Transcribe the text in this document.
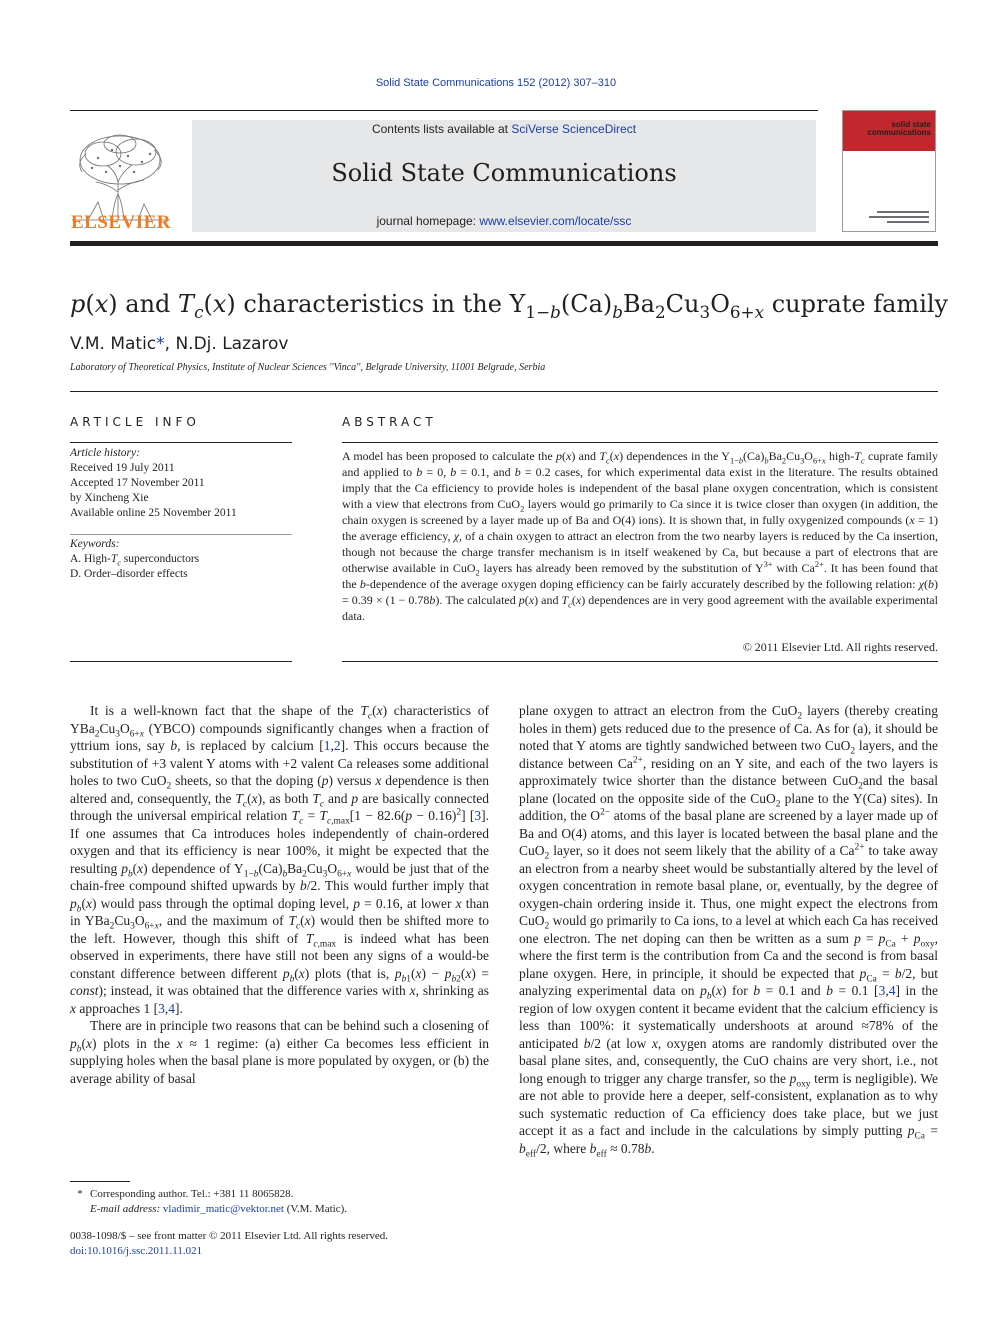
Solid State Communications 152 (2012) 307–310
ELSEVIER
Contents lists available at SciVerse ScienceDirect
Solid State Communications
journal homepage: www.elsevier.com/locate/ssc
solid state communications
p(x) and $T_c(x)$ characteristics in the $Y_{1-b}(Ca)_bBa_2Cu_3O_{6+x}$ cuprate family
V.M. Matic*, N.Dj. Lazarov
Laboratory of Theoretical Physics, Institute of Nuclear Sciences ''Vinca'', Belgrade University, 11001 Belgrade, Serbia
ARTICLE INFO	ABSTRACT
Article history:
Received 19 July 2011
Accepted 17 November 2011
by Xincheng Xie
Available online 25 November 2011
Keywords:
A. High-$T_c$ superconductors
D. Order–disorder effects
A model has been proposed to calculate the p(x) and $T_c(x)$ dependences in the $Y_{1-b}(Ca)_bBa_2Cu_3O_{6+x}$ high-$T_c$ cuprate family and applied to b = 0, b = 0.1, and b = 0.2 cases, for which experimental data exist in the literature. The results obtained imply that the Ca efficiency to provide holes is independent of the basal plane oxygen concentration, which is consistent with a view that electrons from CuO$_2$ layers would go primarily to Ca since it is twice closer than oxygen (in addition, the chain oxygen is screened by a layer made up of Ba and O(4) ions). It is shown that, in fully oxygenized compounds (x = 1) the average efficiency, χ, of a chain oxygen to attract an electron from the two nearby layers is reduced by the Ca insertion, though not because the charge transfer mechanism is in itself weakened by Ca, but because a part of electrons that are otherwise available in CuO$_2$ layers has already been removed by the substitution of $Y^{3+}$ with $Ca^{2+}$. It has been found that the b-dependence of the average oxygen doping efficiency can be fairly accurately described by the following relation: χ(b) = 0.39 × (1 − 0.78b). The calculated p(x) and $T_c(x)$ dependences are in very good agreement with the available experimental data.
© 2011 Elsevier Ltd. All rights reserved.

It is a well-known fact that the shape of the $T_c(x)$ characteristics of $YBa_2Cu_3O_{6+x}$ (YBCO) compounds significantly changes when a fraction of yttrium ions, say b, is replaced by calcium [1,2]. This occurs because the substitution of +3 valent Y atoms with +2 valent Ca releases some additional holes to two CuO$_2$ sheets, so that the doping (p) versus x dependence is then altered and, consequently, the $T_c(x)$, as both $T_c$ and p are basically connected through the universal empirical relation $T_c = T_{c,max}[1 - 82.6(p - 0.16)^2]$ [3]. If one assumes that Ca introduces holes independently of chain-ordered oxygen and that its efficiency is near 100%, it might be expected that the resulting $p_b(x)$ dependence of $Y_{1-b}(Ca)_bBa_2Cu_3O_{6+x}$ would be just that of the chain-free compound shifted upwards by b/2. This would further imply that $p_b(x)$ would pass through the optimal doping level, p = 0.16, at lower x than in $YBa_2Cu_3O_{6+x}$, and the maximum of $T_c(x)$ would then be shifted more to the left. However, though this shift of $T_{c,max}$ is indeed what has been observed in experiments, there have still not been any signs of a would-be constant difference between different $p_b(x)$ plots (that is, $p_{b1}(x) - p_{b2}(x)$ = const); instead, it was obtained that the difference varies with x, shrinking as x approaches 1 [3,4].

There are in principle two reasons that can be behind such a closening of $p_b(x)$ plots in the x ≈ 1 regime: (a) either Ca becomes less efficient in supplying holes when the basal plane is more populated by oxygen, or (b) the average ability of basal

plane oxygen to attract an electron from the CuO$_2$ layers (thereby creating holes in them) gets reduced due to the presence of Ca. As for (a), it should be noted that Y atoms are tightly sandwiched between two CuO$_2$ layers, and the distance between $Ca^{2+}$, residing on an Y site, and each of the two layers is approximately twice shorter than the distance between CuO$_2$and the basal plane (located on the opposite side of the CuO$_2$ plane to the Y(Ca) sites). In addition, the $O^{2-}$ atoms of the basal plane are screened by a layer made up of Ba and O(4) atoms, and this layer is located between the basal plane and the CuO$_2$ layer, so it does not seem likely that the ability of a $Ca^{2+}$ to take away an electron from a nearby sheet would be substantially altered by the level of oxygen concentration in remote basal plane, or, eventually, by the degree of oxygen-chain ordering inside it. Thus, one might expect the electrons from CuO$_2$ would go primarily to Ca ions, to a level at which each Ca has received one electron. The net doping can then be written as a sum $p = p_{Ca} + p_{oxy}$, where the first term is the contribution from Ca and the second is from basal plane oxygen. Here, in principle, it should be expected that $p_{Ca} = b/2$, but analyzing experimental data on $p_b(x)$ for b = 0.1 and b = 0.1 [3,4] in the region of low oxygen content it became evident that the calcium efficiency is less than 100%: it systematically undershoots at around ≈78% of the anticipated b/2 (at low x, oxygen atoms are randomly distributed over the basal plane sites, and, consequently, the CuO chains are very short, i.e., not long enough to trigger any charge transfer, so the $p_{oxy}$ term is negligible). We are not able to provide here a deeper, self-consistent, explanation as to why such systematic reduction of Ca efficiency does take place, but we just accept it as a fact and include in the calculations by simply putting $p_{Ca} = b_{eff}/2$, where $b_{eff} \approx 0.78b$.

* Corresponding author. Tel.: +381 11 8065828.
E-mail address: vladimir_matic@vektor.net (V.M. Matic).
0038-1098/$ – see front matter © 2011 Elsevier Ltd. All rights reserved.
doi:10.1016/j.ssc.2011.11.021
